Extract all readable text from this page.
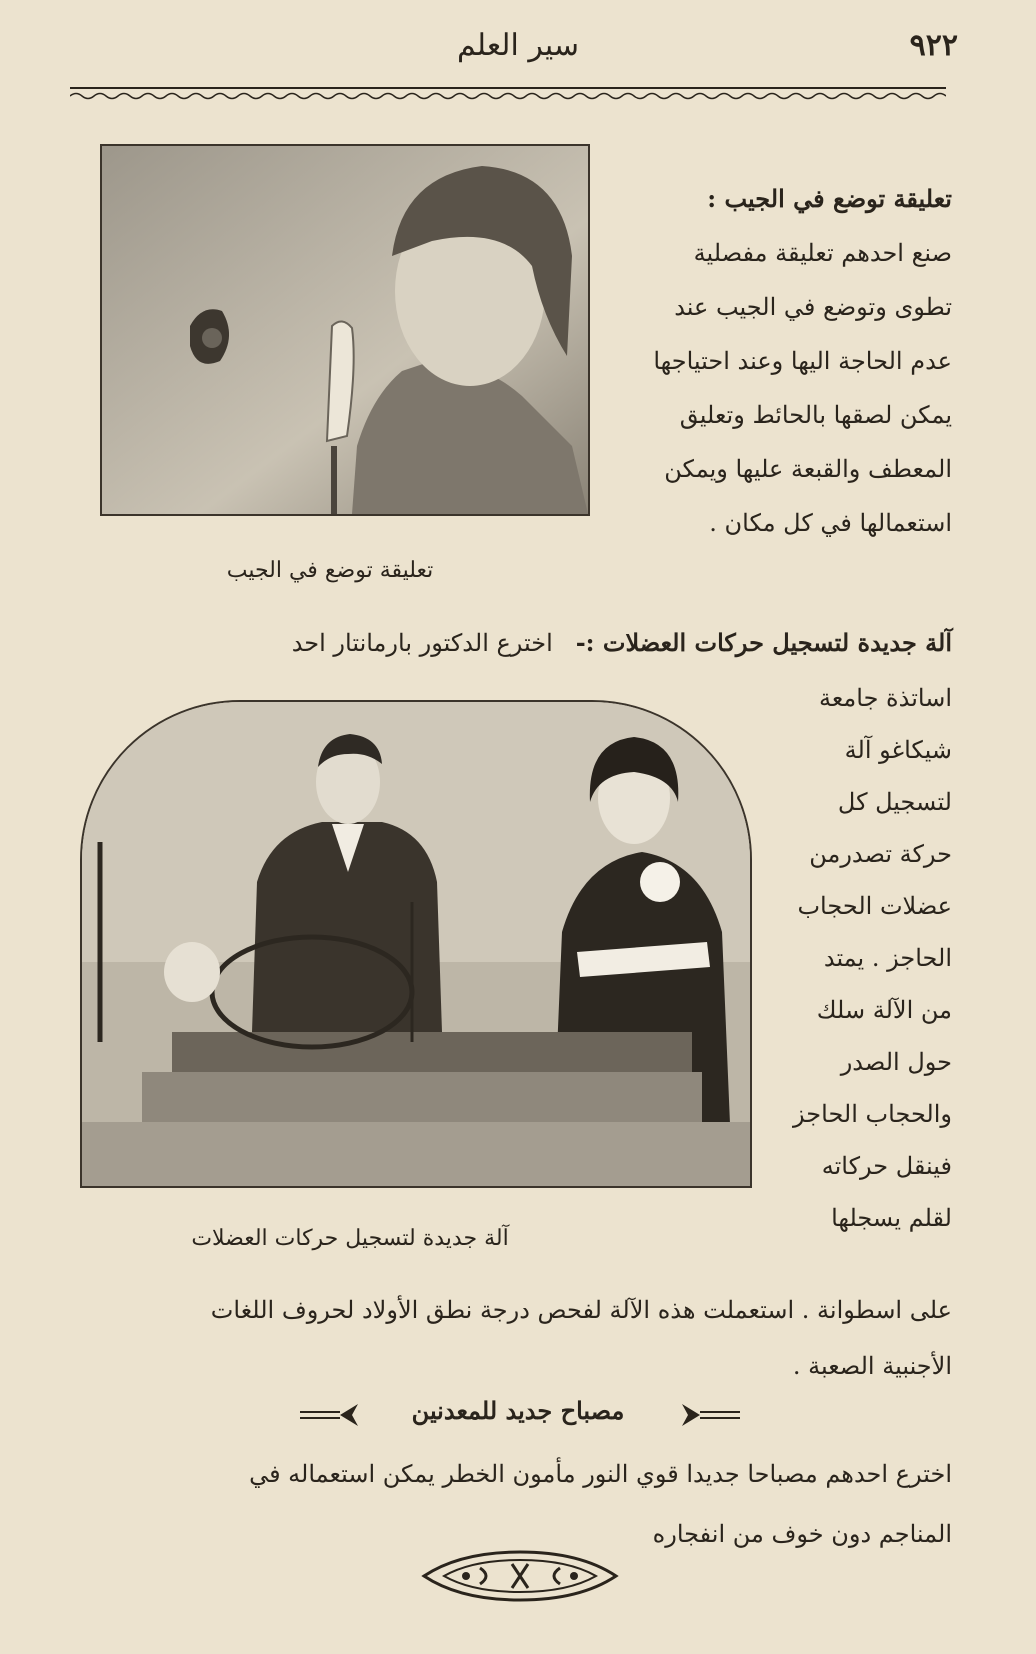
٩٢٢
سير العلم
تعليقة توضع في الجيب :
صنع احدهم تعليقة مفصلية
تطوى وتوضع في الجيب عند
عدم الحاجة اليها وعند احتياجها
يمكن لصقها بالحائط وتعليق
المعطف والقبعة عليها ويمكن
استعمالها في كل مكان .
تعليقة توضع في الجيب
آلة جديدة لتسجيل حركات العضلات :-   اخترع الدكتور بارمانتار احد
اساتذة جامعة
شيكاغو آلة
لتسجيل كل
حركة تصدرمن
عضلات الحجاب
الحاجز . يمتد
من الآلة سلك
حول الصدر
والحجاب الحاجز
فينقل حركاته
لقلم يسجلها
آلة جديدة لتسجيل حركات العضلات
على اسطوانة . استعملت هذه الآلة لفحص درجة نطق الأولاد لحروف اللغات
الأجنبية الصعبة .
مصباح جديد للمعدنين
اخترع احدهم مصباحا جديدا قوي النور مأمون الخطر يمكن استعماله في
المناجم دون خوف من انفجاره
